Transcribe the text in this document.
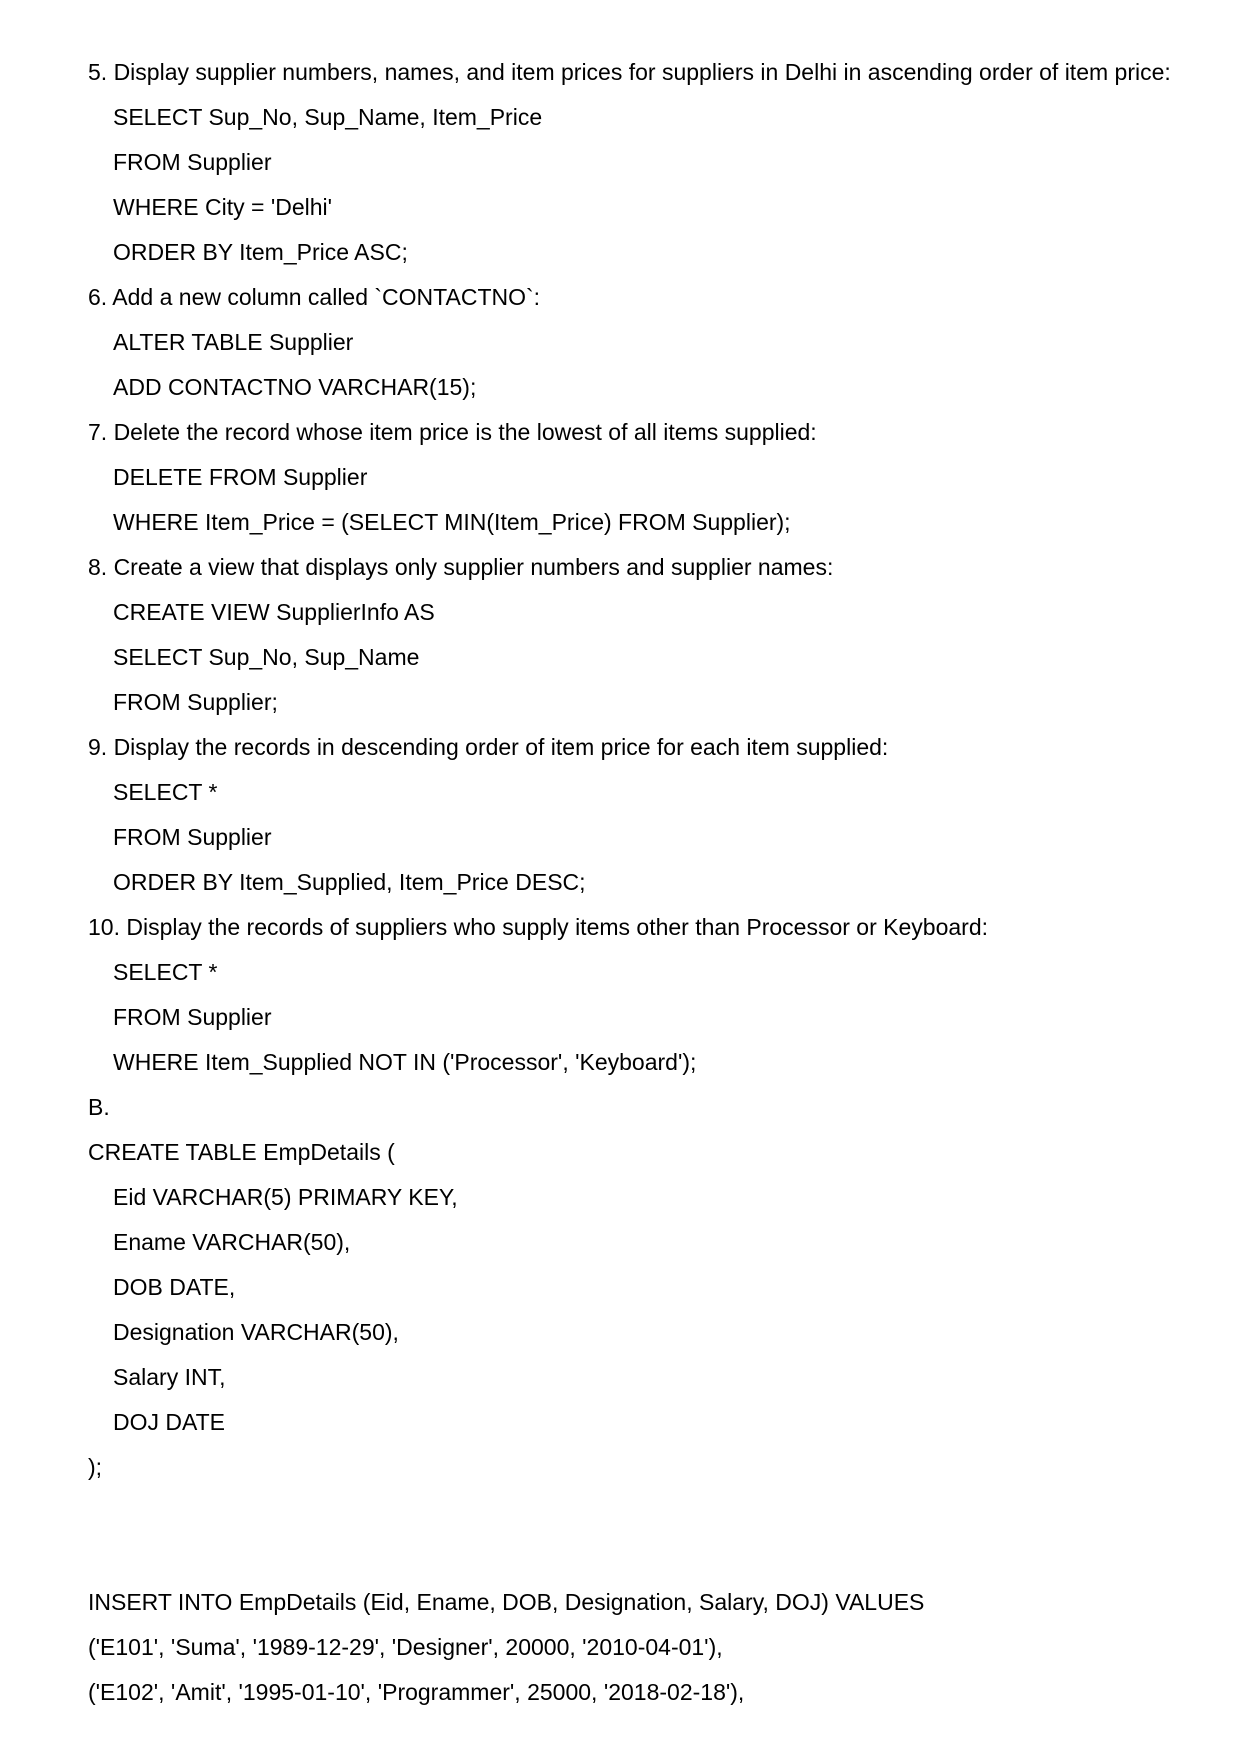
5. Display supplier numbers, names, and item prices for suppliers in Delhi in ascending order of item price:
SELECT Sup_No, Sup_Name, Item_Price
FROM Supplier
WHERE City = 'Delhi'
ORDER BY Item_Price ASC;
6. Add a new column called `CONTACTNO`:
ALTER TABLE Supplier
ADD CONTACTNO VARCHAR(15);
7. Delete the record whose item price is the lowest of all items supplied:
DELETE FROM Supplier
WHERE Item_Price = (SELECT MIN(Item_Price) FROM Supplier);
8. Create a view that displays only supplier numbers and supplier names:
CREATE VIEW SupplierInfo AS
SELECT Sup_No, Sup_Name
FROM Supplier;
9. Display the records in descending order of item price for each item supplied:
SELECT *
FROM Supplier
ORDER BY Item_Supplied, Item_Price DESC;
10. Display the records of suppliers who supply items other than Processor or Keyboard:
SELECT *
FROM Supplier
WHERE Item_Supplied NOT IN ('Processor', 'Keyboard');
B.
CREATE TABLE EmpDetails (
Eid VARCHAR(5) PRIMARY KEY,
Ename VARCHAR(50),
DOB DATE,
Designation VARCHAR(50),
Salary INT,
DOJ DATE
);
INSERT INTO EmpDetails (Eid, Ename, DOB, Designation, Salary, DOJ) VALUES
('E101', 'Suma', '1989-12-29', 'Designer', 20000, '2010-04-01'),
('E102', 'Amit', '1995-01-10', 'Programmer', 25000, '2018-02-18'),
